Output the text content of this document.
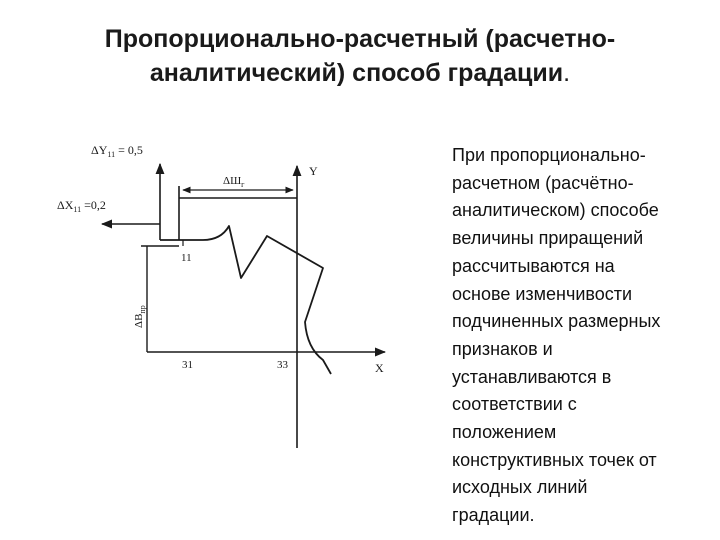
Пропорционально-расчетный (расчетно-
аналитический) способ градации.
$\Delta Y_{11} = 0,5$
$\Delta X_{11} =0,2$
$\Delta Ш_г$
$\Delta В_{пр}$
Y
X
11
31	33

При пропорционально-
расчетном (расчётно-
аналитическом) способе
величины приращений
рассчитываются на
основе изменчивости
подчиненных размерных
признаков и
устанавливаются в
соответствии с
положением
конструктивных точек от
исходных линий
градации.
